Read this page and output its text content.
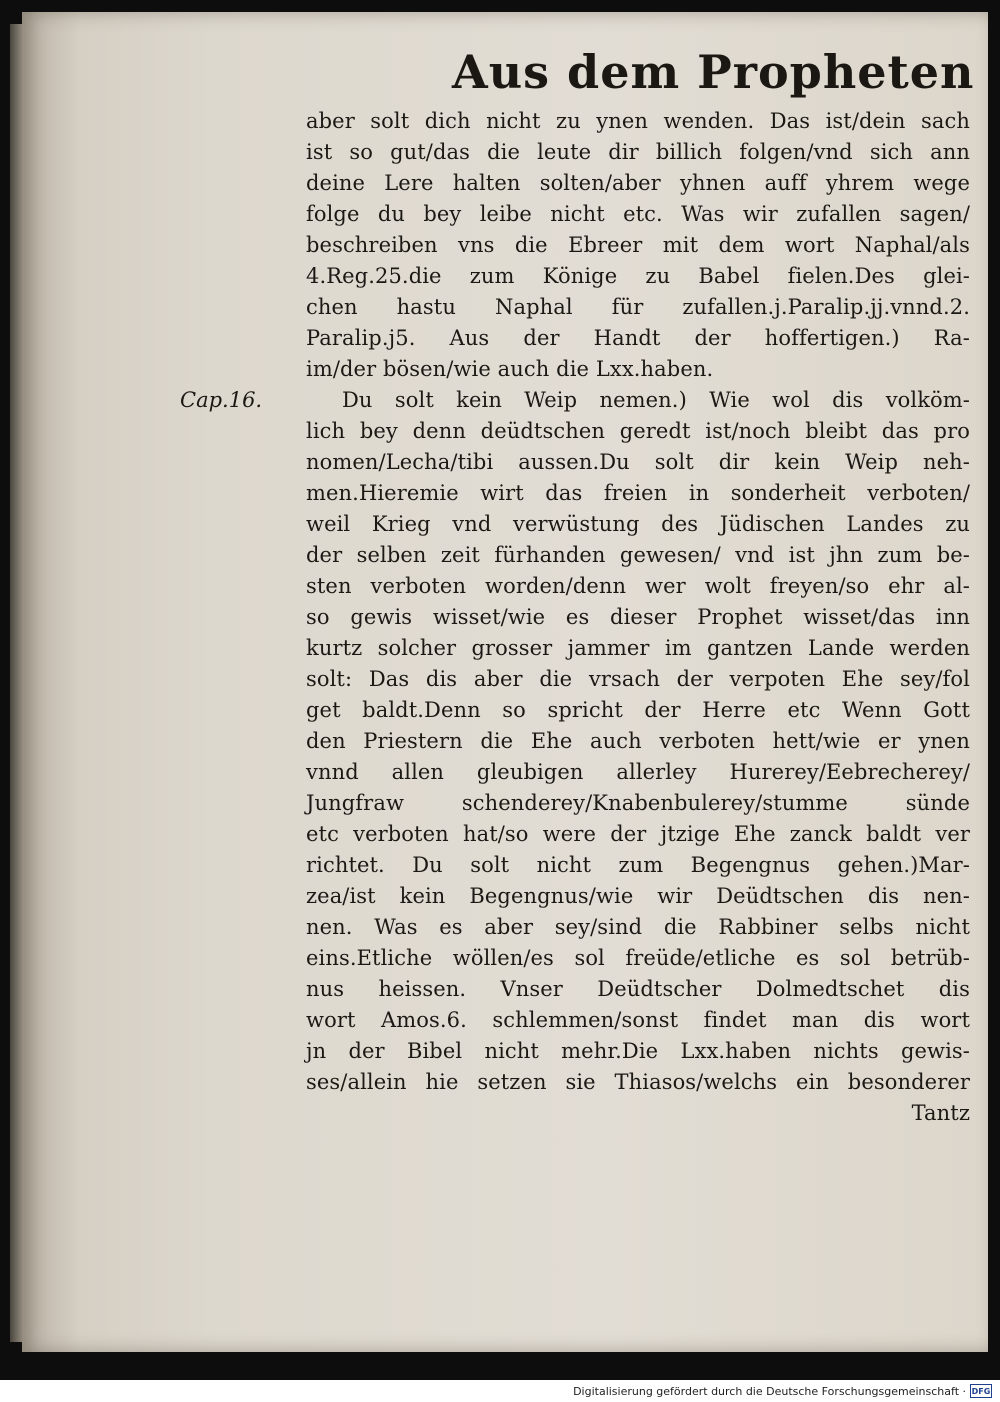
Aus dem Propheten
Cap.16.
aber solt dich nicht zu ynen wenden. Das ist/dein sach
ist so gut/das die leute dir billich folgen/vnd sich ann
deine Lere halten solten/aber yhnen auff yhrem wege
folge du bey leibe nicht etc. Was wir zufallen sagen/
beschreiben vns die Ebreer mit dem wort Naphal/als
4.Reg.25.die zum Könige zu Babel fielen.Des glei-
chen hastu Naphal für zufallen.j.Paralip.jj.vnnd.2.
Paralip.j5. Aus der Handt der hoffertigen.) Ra-
im/der bösen/wie auch die Lxx.haben.
Du solt kein Weip nemen.) Wie wol dis volköm-
lich bey denn deüdtschen geredt ist/noch bleibt das pro
nomen/Lecha/tibi aussen.Du solt dir kein Weip neh-
men.Hieremie wirt das freien in sonderheit verboten/
weil Krieg vnd verwüstung des Jüdischen Landes zu
der selben zeit fürhanden gewesen/ vnd ist jhn zum be-
sten verboten worden/denn wer wolt freyen/so ehr al-
so gewis wisset/wie es dieser Prophet wisset/das inn
kurtz solcher grosser jammer im gantzen Lande werden
solt: Das dis aber die vrsach der verpoten Ehe sey/fol
get baldt.Denn so spricht der Herre etc Wenn Gott
den Priestern die Ehe auch verboten hett/wie er ynen
vnnd allen gleubigen allerley Hurerey/Eebrecherey/
Jungfraw schenderey/Knabenbulerey/stumme sünde
etc verboten hat/so were der jtzige Ehe zanck baldt ver
richtet. Du solt nicht zum Begengnus gehen.)Mar-
zea/ist kein Begengnus/wie wir Deüdtschen dis nen-
nen. Was es aber sey/sind die Rabbiner selbs nicht
eins.Etliche wöllen/es sol freüde/etliche es sol betrüb-
nus heissen. Vnser Deüdtscher Dolmedtschet dis
wort Amos.6. schlemmen/sonst findet man dis wort
jn der Bibel nicht mehr.Die Lxx.haben nichts gewis-
ses/allein hie setzen sie Thiasos/welchs ein besonderer
Tantz
Digitalisierung gefördert durch die Deutsche Forschungsgemeinschaft · DFG
